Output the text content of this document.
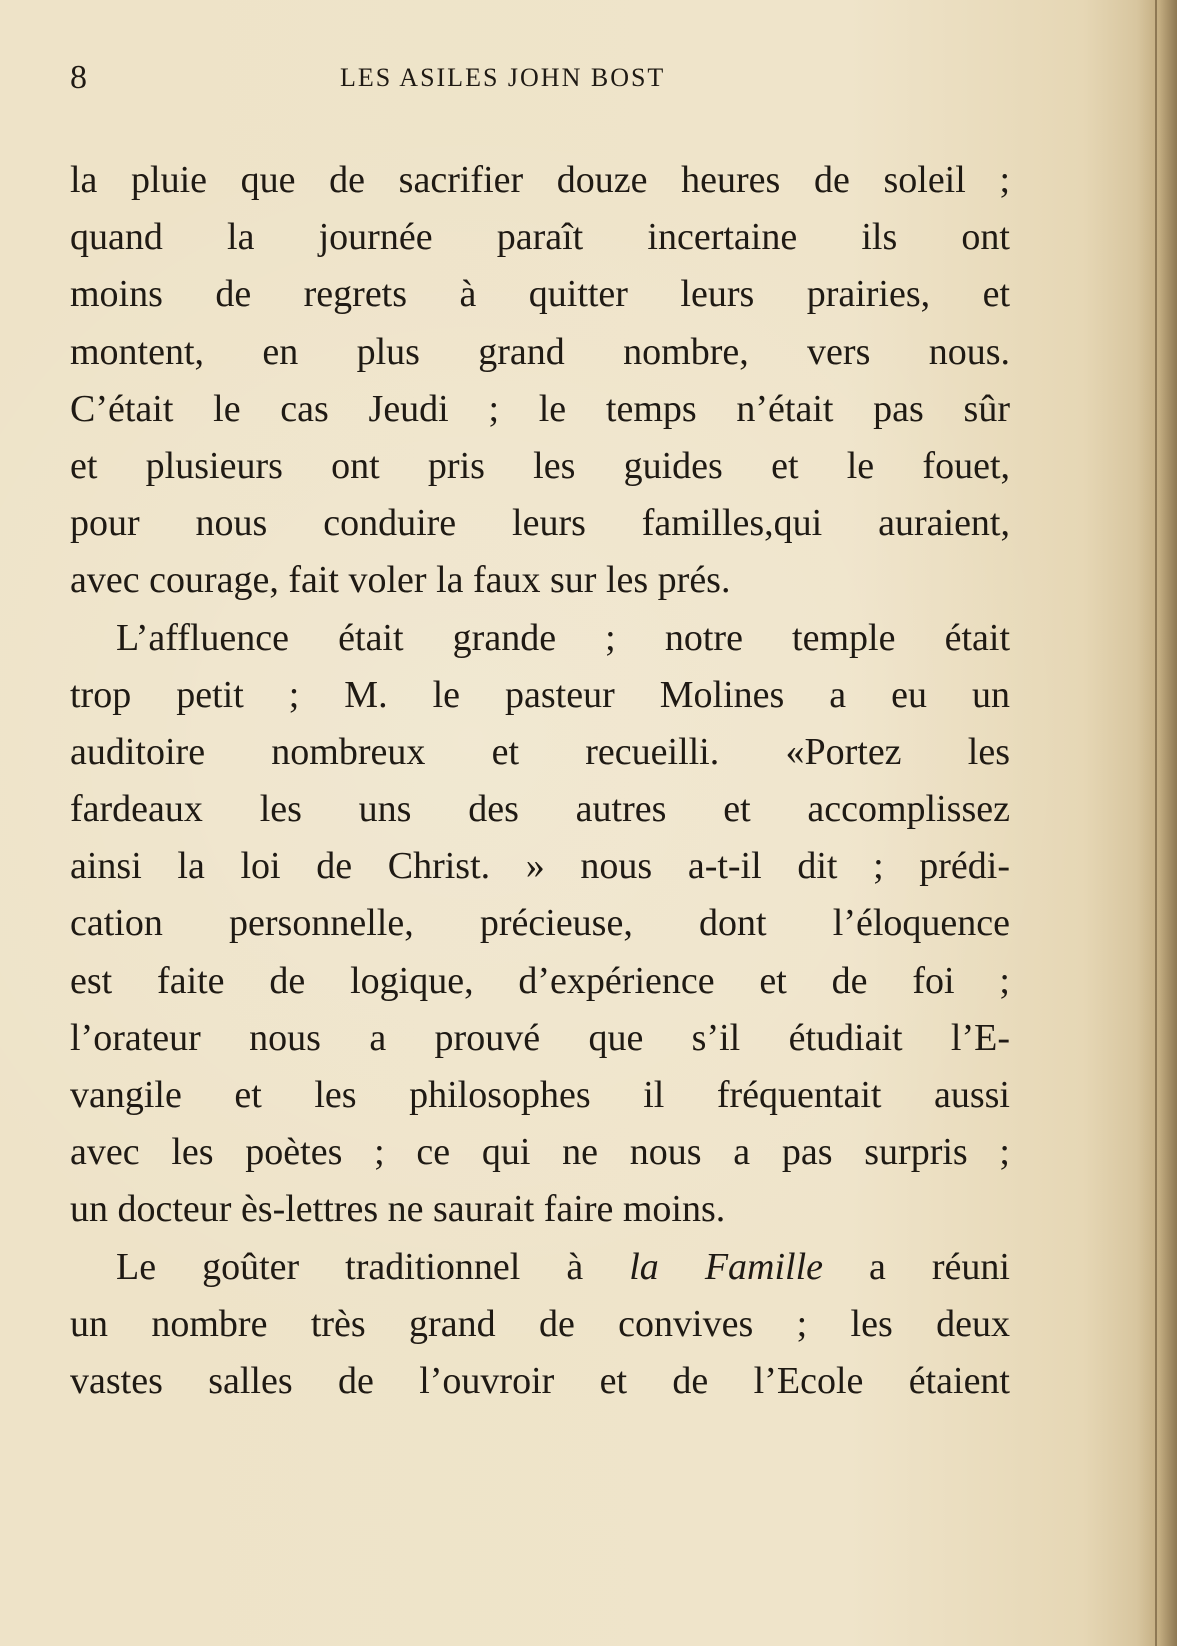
8	LES ASILES JOHN BOST
la pluie que de sacrifier douze heures de soleil ;
quand la journée paraît incertaine ils ont
moins de regrets à quitter leurs prairies, et
montent, en plus grand nombre, vers nous.
C’était le cas Jeudi ; le temps n’était pas sûr
et plusieurs ont pris les guides et le fouet,
pour nous conduire leurs familles,qui auraient,
avec courage, fait voler la faux sur les prés.
L’affluence était grande ; notre temple était
trop petit ; M. le pasteur Molines a eu un
auditoire nombreux et recueilli. «Portez les
fardeaux les uns des autres et accomplissez
ainsi la loi de Christ. » nous a-t-il dit ; prédi-
cation personnelle, précieuse, dont l’éloquence
est faite de logique, d’expérience et de foi ;
l’orateur nous a prouvé que s’il étudiait l’E-
vangile et les philosophes il fréquentait aussi
avec les poètes ; ce qui ne nous a pas surpris ;
un docteur ès-lettres ne saurait faire moins.
Le goûter traditionnel à la Famille a réuni
un nombre très grand de convives ; les deux
vastes salles de l’ouvroir et de l’Ecole étaient
